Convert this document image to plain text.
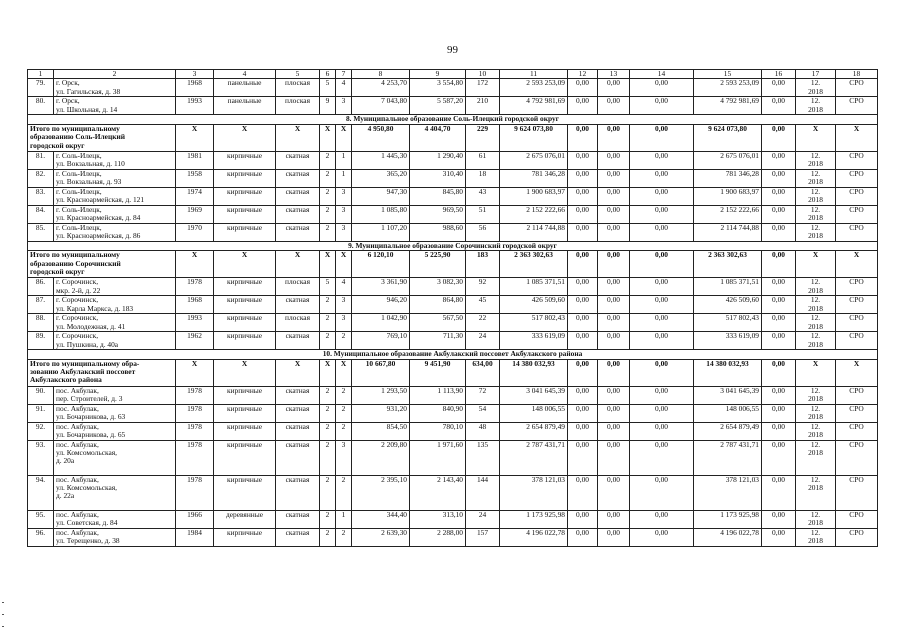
99
1	2	3	4	5	6	7	8	9	10	11	12	13	14	15	16	17	18
79.	г. Орск,
ул. Гагильская, д. 38	1968	панельные	плоская	5	4	4 253,70	3 554,80	172	2 593 253,09	0,00	0,00	0,00	2 593 253,09	0,00	12.
2018	СРО
80.	г. Орск,
ул. Школьная, д. 14	1993	панельные	плоская	9	3	7 043,80	5 587,20	210	4 792 981,69	0,00	0,00	0,00	4 792 981,69	0,00	12.
2018	СРО
8. Муниципальное образование Соль-Илецкий городской округ																	
Итого по муниципальному
образованию Соль-Илецкий
городской округ		X	X	X	X	X	4 950,80	4 404,70	229	9 624 073,80	0,00	0,00	0,00	9 624 073,80	0,00	X	X
81.	г. Соль-Илецк,
ул. Вокзальная, д. 110	1981	кирпичные	скатная	2	1	1 445,30	1 290,40	61	2 675 076,01	0,00	0,00	0,00	2 675 076,01	0,00	12.
2018	СРО
82.	г. Соль-Илецк,
ул. Вокзальная, д. 93	1958	кирпичные	скатная	2	1	365,20	310,40	18	781 346,28	0,00	0,00	0,00	781 346,28	0,00	12.
2018	СРО
83.	г. Соль-Илецк,
ул. Красноармейская, д. 121	1974	кирпичные	скатная	2	3	947,30	845,80	43	1 900 683,97	0,00	0,00	0,00	1 900 683,97	0,00	12.
2018	СРО
84.	г. Соль-Илецк,
ул. Красноармейская, д. 84	1969	кирпичные	скатная	2	3	1 085,80	969,50	51	2 152 222,66	0,00	0,00	0,00	2 152 222,66	0,00	12.
2018	СРО
85.	г. Соль-Илецк,
ул. Красноармейская, д. 86	1970	кирпичные	скатная	2	3	1 107,20	988,60	56	2 114 744,88	0,00	0,00	0,00	2 114 744,88	0,00	12.
2018	СРО
9. Муниципальное образование Сорочинский городской округ																	
Итого по муниципальному
образованию Сорочинский
городской округ		X	X	X	X	X	6 120,10	5 225,90	183	2 363 302,63	0,00	0,00	0,00	2 363 302,63	0,00	X	X
86.	г. Сорочинск,
мкр. 2-й, д. 22	1978	кирпичные	плоская	5	4	3 361,90	3 082,30	92	1 085 371,51	0,00	0,00	0,00	1 085 371,51	0,00	12.
2018	СРО
87.	г. Сорочинск,
ул. Карла Маркса, д. 183	1968	кирпичные	скатная	2	3	946,20	864,80	45	426 509,60	0,00	0,00	0,00	426 509,60	0,00	12.
2018	СРО
88.	г. Сорочинск,
ул. Молодежная, д. 41	1993	кирпичные	плоская	2	3	1 042,90	567,50	22	517 802,43	0,00	0,00	0,00	517 802,43	0,00	12.
2018	СРО
89.	г. Сорочинск,
ул. Пушкина, д. 40а	1962	кирпичные	скатная	2	2	769,10	711,30	24	333 619,09	0,00	0,00	0,00	333 619,09	0,00	12.
2018	СРО
10. Муниципальное образование Акбулакский поссовет Акбулакского района																	
Итого по муниципальному обра-
зованию Акбулакский поссовет
Акбулакского района		X	X	X	X	X	10 667,80	9 451,90	634,00	14 380 032,93	0,00	0,00	0,00	14 380 032,93	0,00	X	X
90.	пос. Акбулак,
пер. Строителей, д. 3	1978	кирпичные	скатная	2	2	1 293,50	1 113,90	72	3 041 645,39	0,00	0,00	0,00	3 041 645,39	0,00	12.
2018	СРО
91.	пос. Акбулак,
ул. Бочарникова, д. 63	1978	кирпичные	скатная	2	2	931,20	840,90	54	148 006,55	0,00	0,00	0,00	148 006,55	0,00	12.
2018	СРО
92.	пос. Акбулак,
ул. Бочарникова, д. 65	1978	кирпичные	скатная	2	2	854,50	780,10	48	2 654 879,49	0,00	0,00	0,00	2 654 879,49	0,00	12.
2018	СРО
93.	пос. Акбулак,
ул. Комсомольская,
д. 20а	1978	кирпичные	скатная	2	3	2 209,80	1 971,60	135	2 787 431,71	0,00	0,00	0,00	2 787 431,71	0,00	12.
2018	СРО
94.	пос. Акбулак,
ул. Комсомольская,
д. 22а	1978	кирпичные	скатная	2	2	2 395,10	2 143,40	144	378 121,03	0,00	0,00	0,00	378 121,03	0,00	12.
2018	СРО
95.	пос. Акбулак,
ул. Советская, д. 84	1966	деревянные	скатная	2	1	344,40	313,10	24	1 173 925,98	0,00	0,00	0,00	1 173 925,98	0,00	12.
2018	СРО
96.	пос. Акбулак,
ул. Терещенко, д. 38	1984	кирпичные	скатная	2	2	2 639,30	2 288,00	157	4 196 022,78	0,00	0,00	0,00	4 196 022,78	0,00	12.
2018	СРО
